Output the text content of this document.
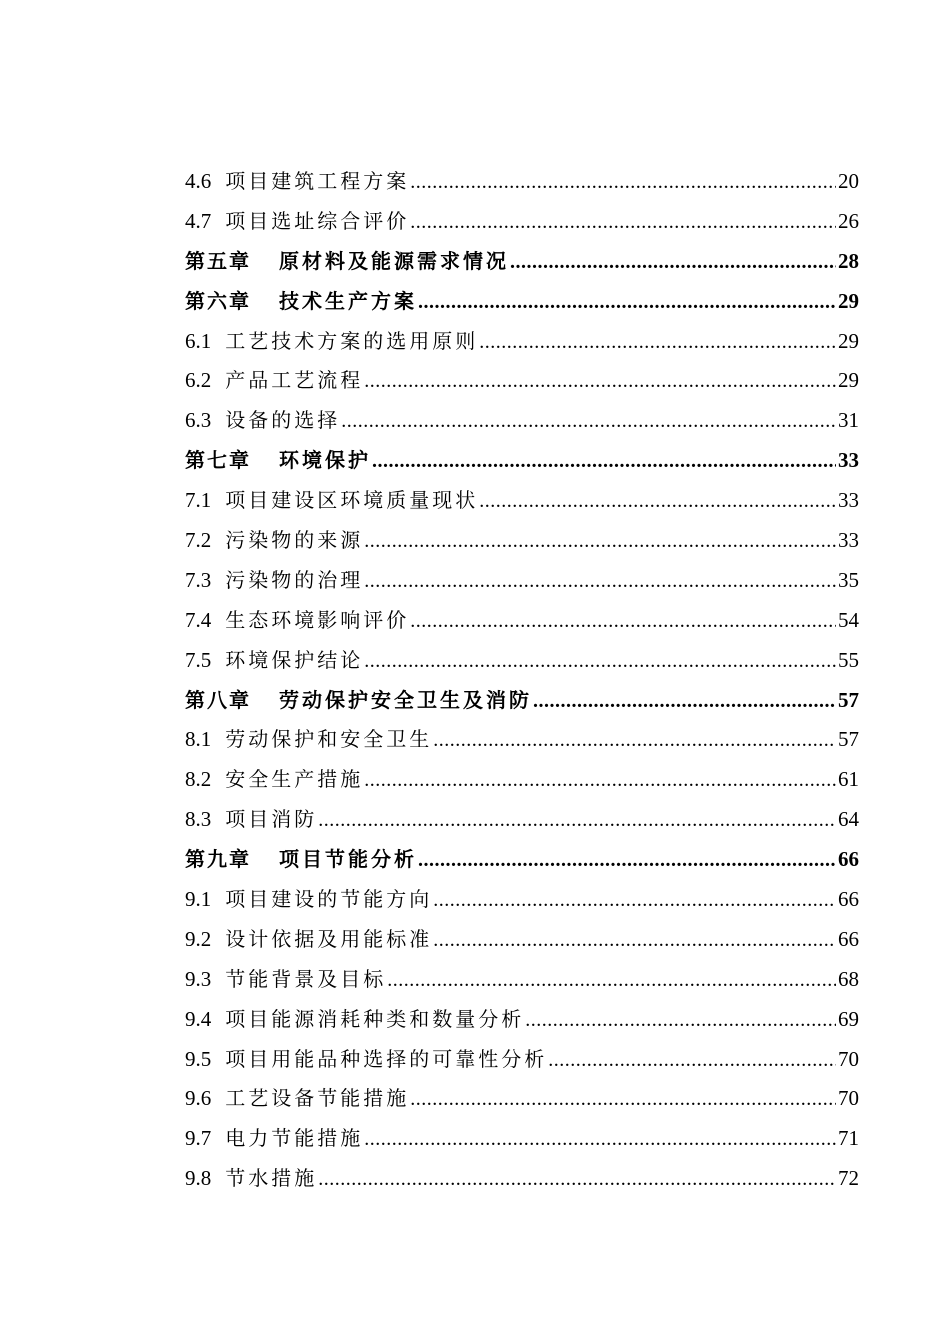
4.6 项目建筑工程方案 .....	20
4.7 项目选址综合评价 .....	26
第五章 原材料及能源需求情况 .....	28
第六章 技术生产方案 .....	29
6.1 工艺技术方案的选用原则 .....	29
6.2 产品工艺流程 .....	29
6.3 设备的选择 .....	31
第七章 环境保护 .....	33
7.1 项目建设区环境质量现状 .....	33
7.2 污染物的来源 .....	33
7.3 污染物的治理 .....	35
7.4 生态环境影响评价 .....	54
7.5 环境保护结论 .....	55
第八章 劳动保护安全卫生及消防 .....	57
8.1 劳动保护和安全卫生 .....	57
8.2 安全生产措施 .....	61
8.3 项目消防 .....	64
第九章 项目节能分析 .....	66
9.1 项目建设的节能方向 .....	66
9.2 设计依据及用能标准 .....	66
9.3 节能背景及目标 .....	68
9.4 项目能源消耗种类和数量分析 .....	69
9.5 项目用能品种选择的可靠性分析 .....	70
9.6 工艺设备节能措施 .....	70
9.7 电力节能措施 .....	71
9.8 节水措施 .....	72
